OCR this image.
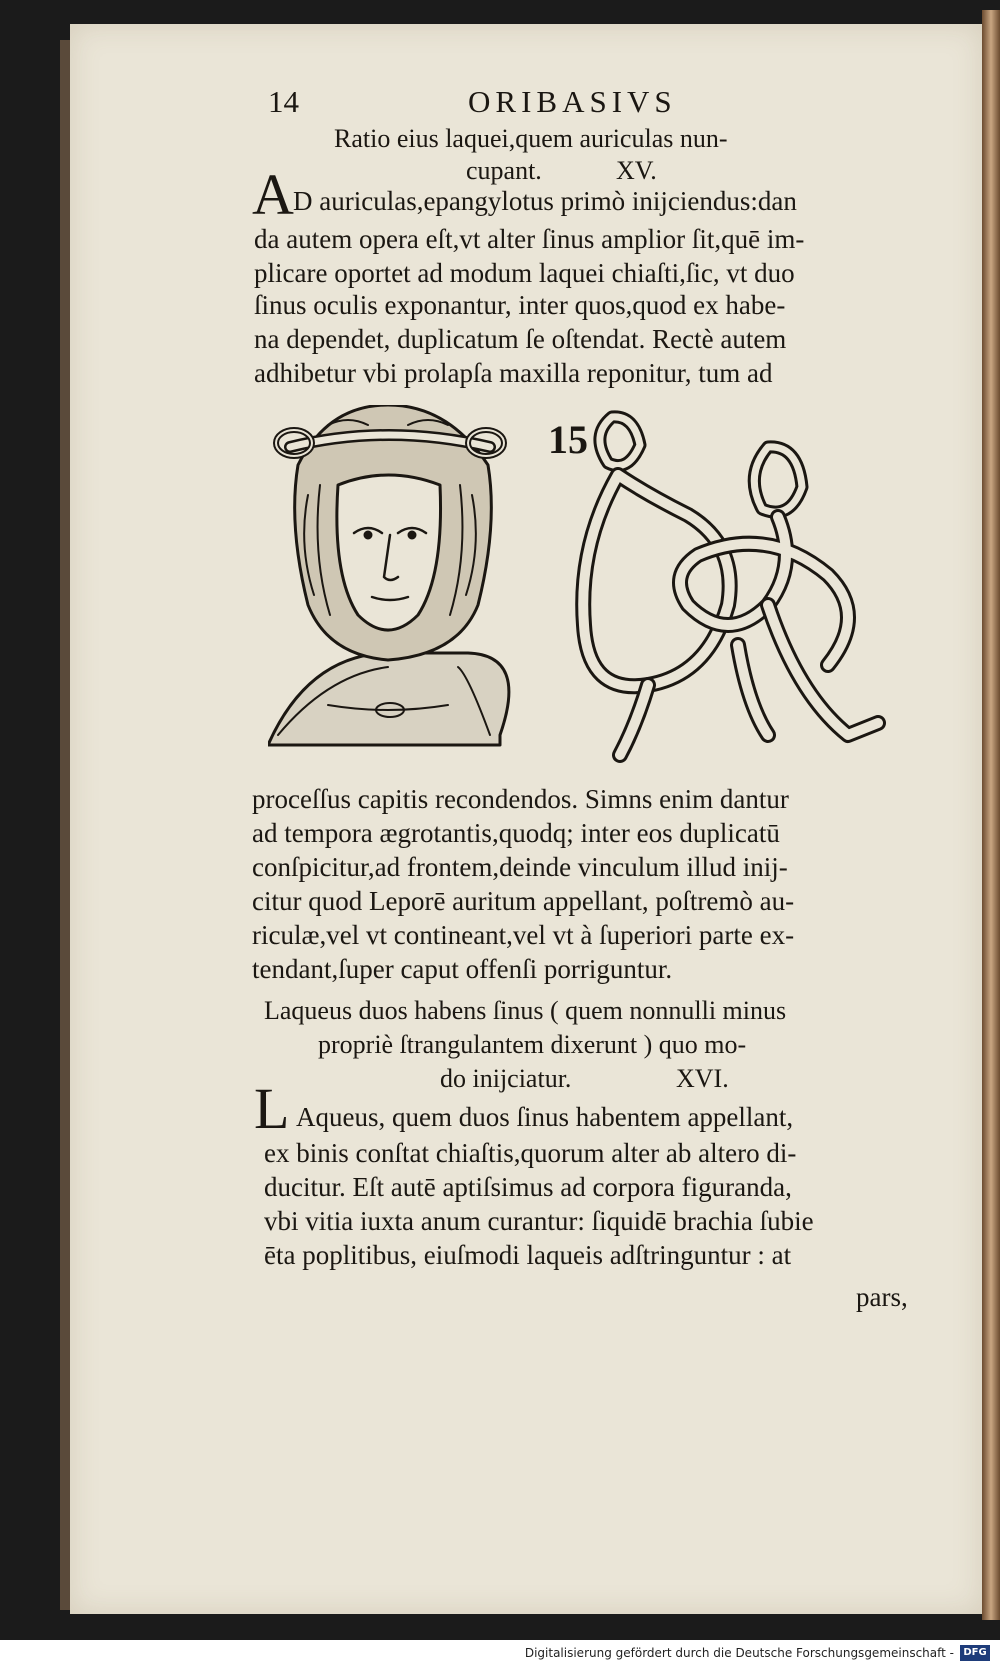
14	ORIBASIVS
Ratio eius laquei,quem auriculas nun-
cupant.	XV.
A D auriculas,epangylotus primò inijciendus:dan
da autem opera eſt,vt alter ſinus amplior ſit,quē im-
plicare oportet ad modum laquei chiaſti,ſic, vt duo
ſinus oculis exponantur, inter quos,quod ex habe-
na dependet, duplicatum ſe oſtendat. Rectè autem
adhibetur vbi prolapſa maxilla reponitur, tum ad
15
proceſſus capitis recondendos. Simns enim dantur
ad tempora ægrotantis,quodq; inter eos duplicatū
conſpicitur,ad frontem,deinde vinculum illud inij-
citur quod Leporē auritum appellant, poſtremò au-
riculæ,vel vt contineant,vel vt à ſuperiori parte ex-
tendant,ſuper caput offenſi porriguntur.
Laqueus duos habens ſinus ( quem nonnulli minus
propriè ſtrangulantem dixerunt ) quo mo-
do inijciatur.	XVI.
L Aqueus, quem duos ſinus habentem appellant,
ex binis conſtat chiaſtis,quorum alter ab altero di-
ducitur. Eſt autē aptiſsimus ad corpora figuranda,
vbi vitia iuxta anum curantur: ſiquidē brachia ſubie
ēta poplitibus, eiuſmodi laqueis adſtringuntur : at
pars,
Digitalisierung gefördert durch die Deutsche Forschungsgemeinschaft - DFG
